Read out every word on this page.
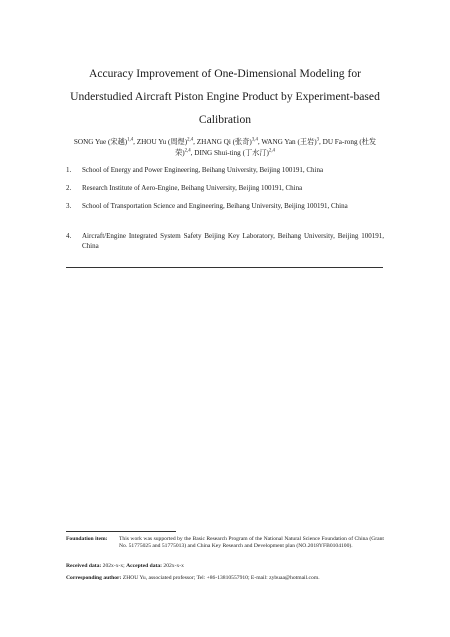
Accuracy Improvement of One-Dimensional Modeling for
Understudied Aircraft Piston Engine Product by Experiment-based
Calibration
SONG Yue (宋越)$^{1,4}$, ZHOU Yu (周煜)$^{2,4}$, ZHANG Qi (张奇)$^{3,4}$, WANG Yan (王岩)$^3$, DU Fa-rong (杜发荣)$^{2,4}$, DING Shui-ting (丁水汀)$^{2,4}$
1. School of Energy and Power Engineering, Beihang University, Beijing 100191, China
2. Research Institute of Aero-Engine, Beihang University, Beijing 100191, China
3. School of Transportation Science and Engineering, Beihang University, Beijing 100191, China
4. Aircraft/Engine Integrated System Safety Beijing Key Laboratory, Beihang University, Beijing 100191, China
Foundation item: This work was supported by the Basic Research Program of the National Natural Science Foundation of China (Grant No. 51775025 and 51775013) and China Key Research and Development plan (NO.2018YFB0104100).
Received data: 202x-x-x; Accepted data: 202x-x-x
Corresponding author: ZHOU Yu, associated professor; Tel: +86-13810557910; E-mail: zybuaa@hotmail.com.
